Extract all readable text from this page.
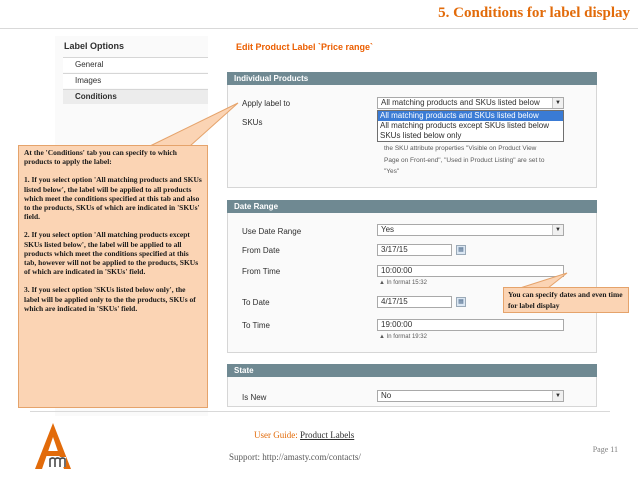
5. Conditions for label display
Label Options
General
Images
Conditions
Edit Product Label `Price range`
Individual Products
Apply label to	All matching products and SKUs listed below	▼
All matching products and SKUs listed below
All matching products except SKUs listed below
SKUs listed below only
SKUs
the SKU attribute properties "Visible on Product View
Page on Front-end", "Used in Product Listing" are set to
"Yes"
Date Range
Use Date Range	Yes	▼
From Date	3/17/15	▦
From Time	10:00:00
▲ In format 15:32
To Date	4/17/15	▦
To Time	19:00:00
▲ In format 19:32
State
Is New	No	▼

At the 'Conditions' tab you can specify to which products to apply the label:

1. If you select option 'All matching products and SKUs listed below', the label will be applied to all products which meet the conditions specified at this tab and also to the products, SKUs of which are indicated in 'SKUs' field.

2. If you select option 'All matching products except SKUs listed below', the label will be applied to all products which meet the conditions specified at this tab, however will not be applied to the products, SKUs of which are indicated in 'SKUs' field.

3. If you select option 'SKUs listed below only', the label will be applied only to the the products, SKUs of which are indicated in 'SKUs' field.

You can specify dates and even time for label display
User Guide: Product Labels
Support: http://amasty.com/contacts/
Page 11
